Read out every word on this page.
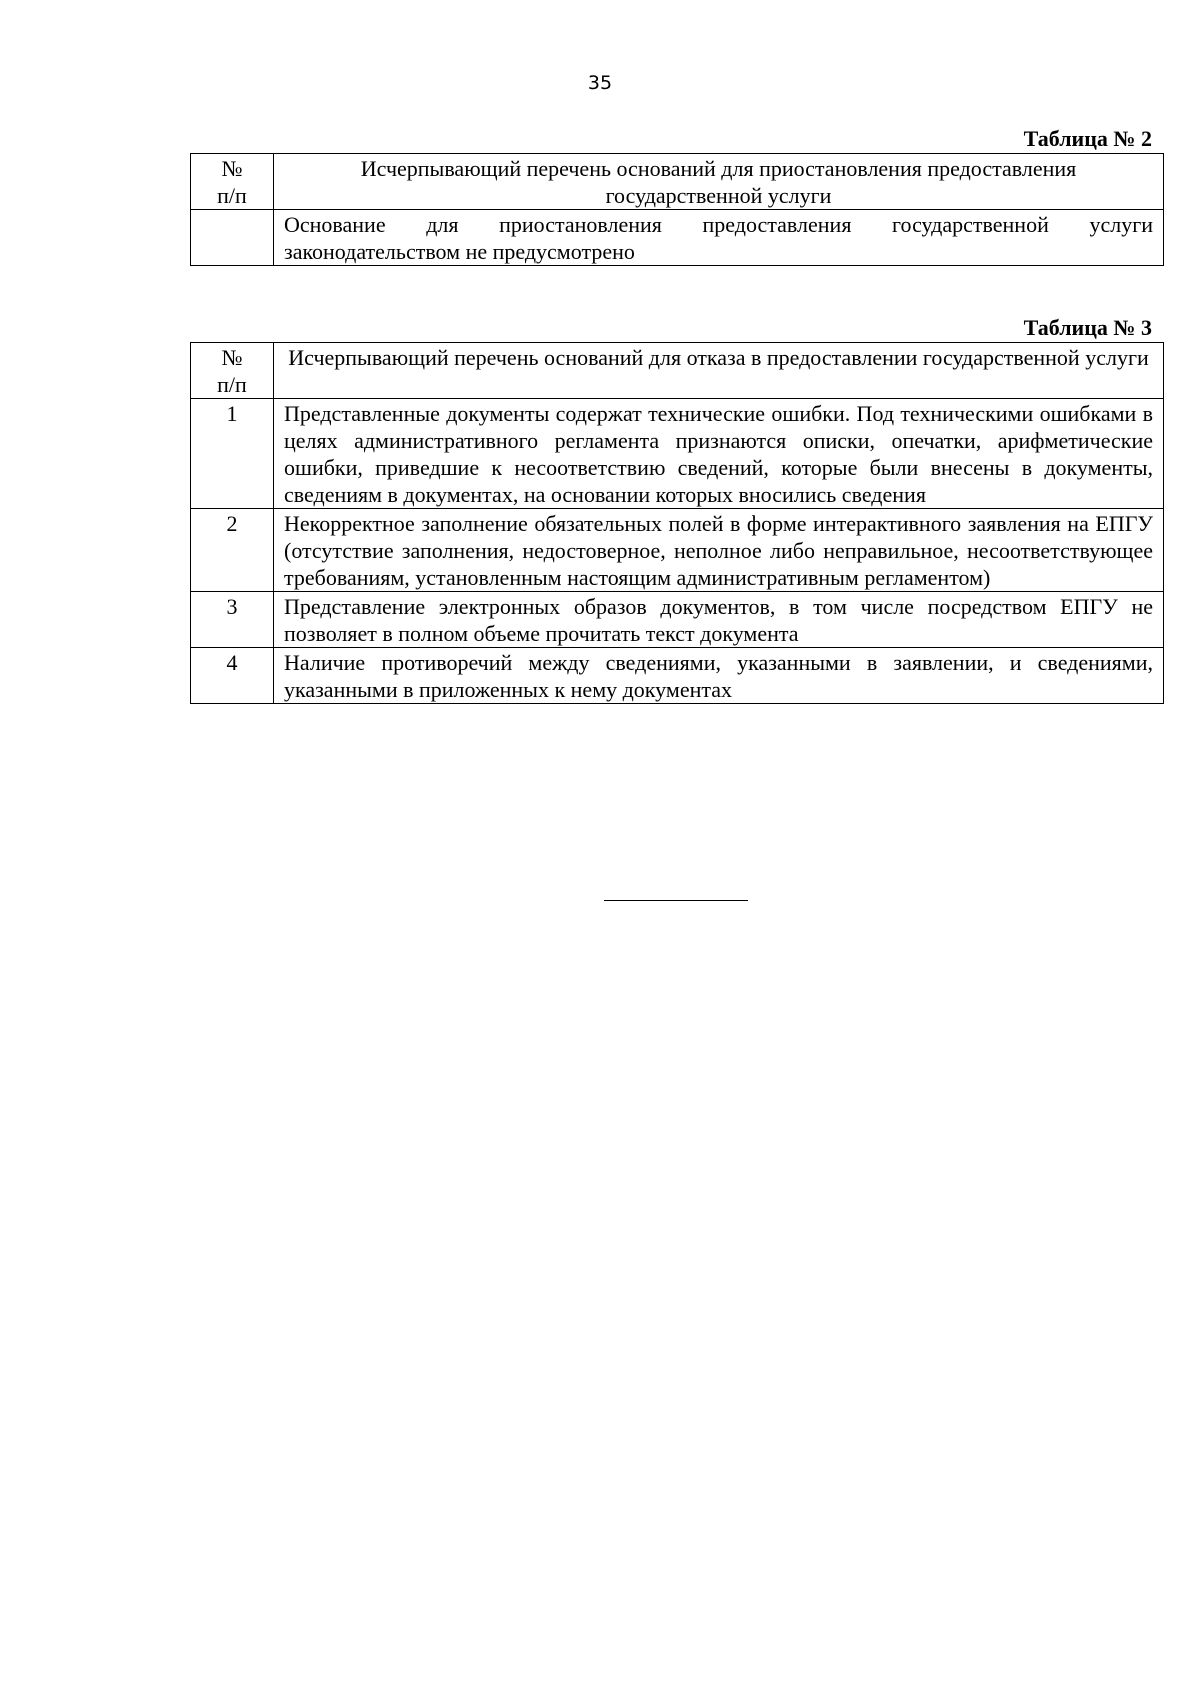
35
Таблица № 2
№
п/п	Исчерпывающий перечень оснований для приостановления предоставления государственной услуги
	Основание для приостановления предоставления государственной услуги законодательством не предусмотрено
Таблица № 3
№
п/п	Исчерпывающий перечень оснований для отказа в предоставлении государственной услуги
1	Представленные документы содержат технические ошибки. Под техническими ошибками в целях административного регламента признаются описки, опечатки, арифметические ошибки, приведшие к несоответствию сведений, которые были внесены в документы, сведениям в документах, на основании которых вносились сведения
2	Некорректное заполнение обязательных полей в форме интерактивного заявления на ЕПГУ (отсутствие заполнения, недостоверное, неполное либо неправильное, несоответствующее требованиям, установленным настоящим административным регламентом)
3	Представление электронных образов документов, в том числе посредством ЕПГУ не позволяет в полном объеме прочитать текст документа
4	Наличие противоречий между сведениями, указанными в заявлении, и сведениями, указанными в приложенных к нему документах
